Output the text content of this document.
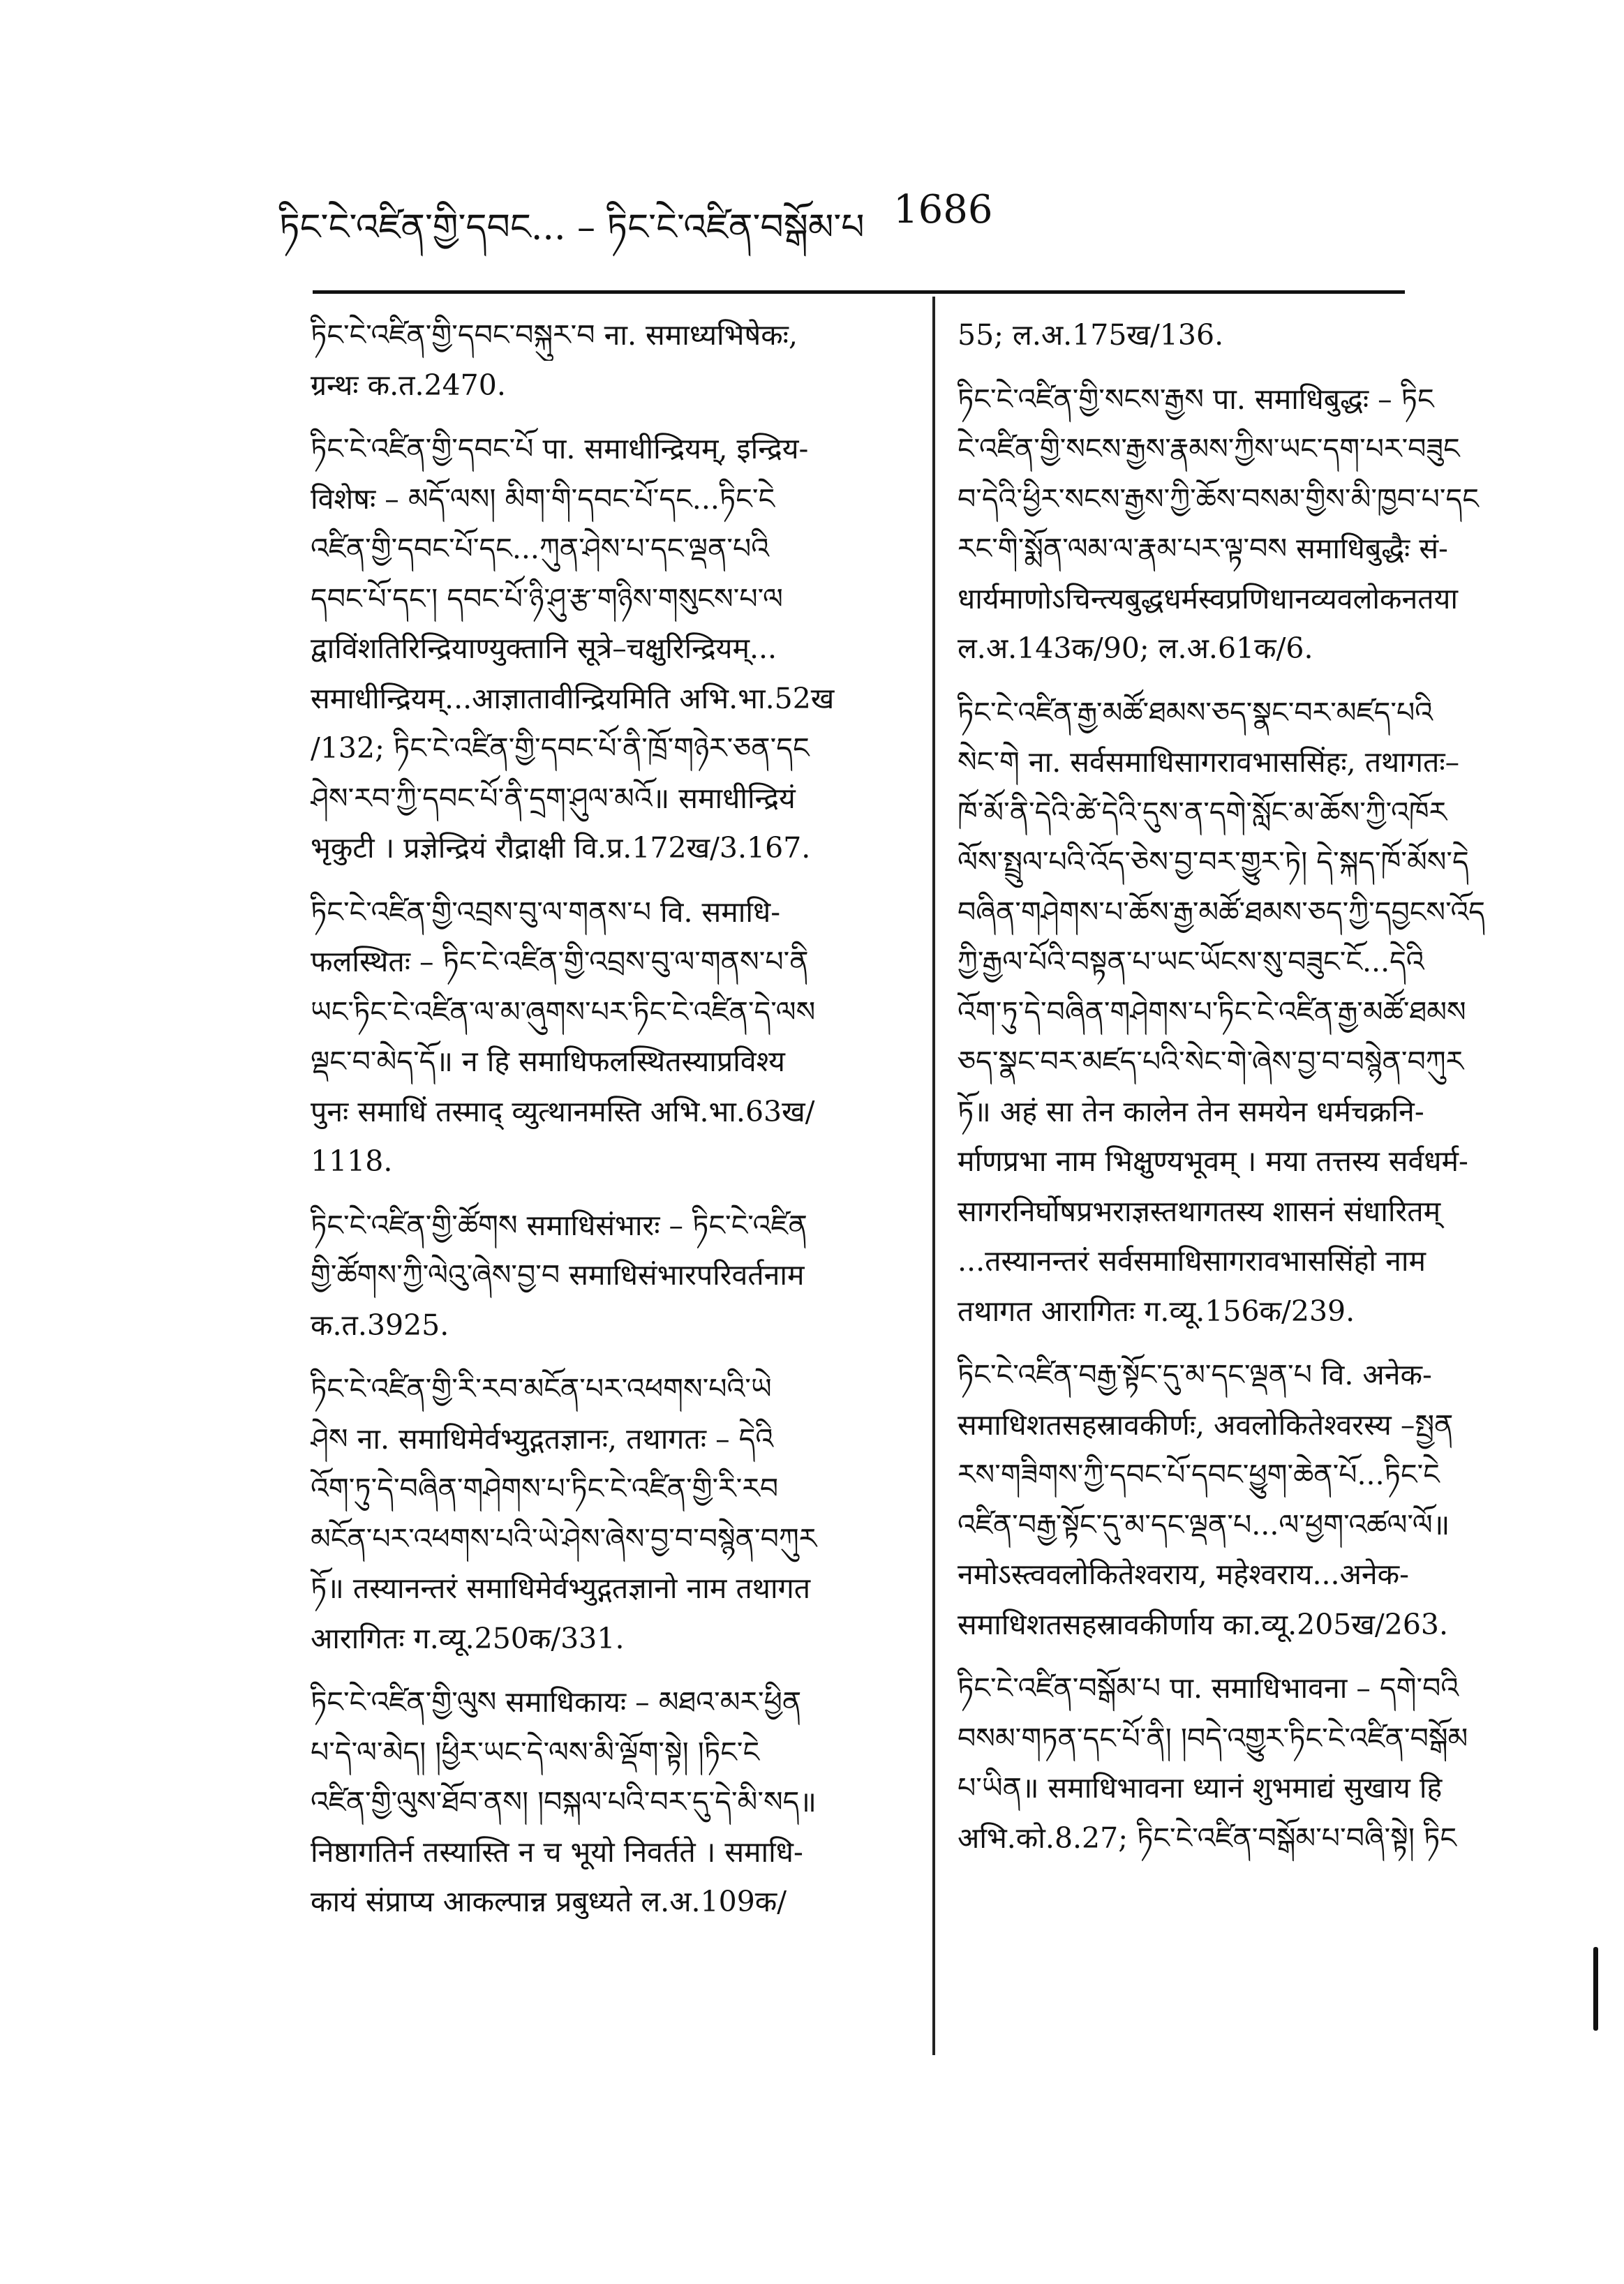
ཏིང་ངེ་འཛིན་གྱི་དབང... – ཏིང་ངེ་འཛིན་བསྒོམ་པ 1686
ཏིང་ངེ་འཛིན་གྱི་དབང་བསྐུར་བ ना. समाध्यभिषेकः,
ग्रन्थः क.त.2470.
ཏིང་ངེ་འཛིན་གྱི་དབང་པོ पा. समाधीन्द्रियम्, इन्द्रिय-
विशेषः – མདོ་ལས། མིག་གི་དབང་པོ་དང...ཏིང་ངེ
འཛིན་གྱི་དབང་པོ་དང...ཀུན་ཤེས་པ་དང་ལྡན་པའི
དབང་པོ་དང་། དབང་པོ་ཉི་ཤུ་རྩ་གཉིས་གསུངས་པ་ལ
द्वाविंशतिरिन्द्रियाण्युक्तानि सूत्रे–चक्षुरिन्द्रियम्...
समाधीन्द्रियम्...आज्ञातावीन्द्रियमिति अभि.भा.52ख
/132; ཏིང་ངེ་འཛིན་གྱི་དབང་པོ་ནི་ཁྲོ་གཉེར་ཅན་དང
ཤེས་རབ་ཀྱི་དབང་པོ་ནི་དྲག་ཤུལ་མའོ॥ समाधीन्द्रियं
भृकुटी । प्रज्ञेन्द्रियं रौद्राक्षी वि.प्र.172ख/3.167.
ཏིང་ངེ་འཛིན་གྱི་འབྲས་བུ་ལ་གནས་པ वि. समाधि-
फलस्थितः – ཏིང་ངེ་འཛིན་གྱི་འབྲས་བུ་ལ་གནས་པ་ནི
ཡང་ཏིང་ངེ་འཛིན་ལ་མ་ཞུགས་པར་ཏིང་ངེ་འཛིན་དེ་ལས
ལྡང་བ་མེད་དོ॥ न हि समाधिफलस्थितस्याप्रविश्य
पुनः समाधिं तस्माद् व्युत्थानमस्ति अभि.भा.63ख/
1118.
ཏིང་ངེ་འཛིན་གྱི་ཚོགས समाधिसंभारः – ཏིང་ངེ་འཛིན
གྱི་ཚོགས་ཀྱི་ལེའུ་ཞེས་བྱ་བ समाधिसंभारपरिवर्तनाम
क.त.3925.
ཏིང་ངེ་འཛིན་གྱི་རི་རབ་མངོན་པར་འཕགས་པའི་ཡེ
ཤེས ना. समाधिमेर्वभ्युद्गतज्ञानः, तथागतः – དེའི
འོག་ཏུ་དེ་བཞིན་གཤེགས་པ་ཏིང་ངེ་འཛིན་གྱི་རི་རབ
མངོན་པར་འཕགས་པའི་ཡེ་ཤེས་ཞེས་བྱ་བ་བསྙེན་བཀུར
ཏོ॥ तस्यानन्तरं समाधिमेर्वभ्युद्गतज्ञानो नाम तथागत
आरागितः ग.व्यू.250क/331.
ཏིང་ངེ་འཛིན་གྱི་ལུས समाधिकायः – མཐའ་མར་ཕྱིན
པ་དེ་ལ་མེད། །ཕྱིར་ཡང་དེ་ལས་མི་ལྡོག་སྟེ། །ཏིང་ངེ
འཛིན་གྱི་ལུས་ཐོབ་ནས། །བསྐལ་པའི་བར་དུ་དེ་མི་སད॥
निष्ठागतिर्न तस्यास्ति न च भूयो निवर्तते । समाधि-
कायं संप्राप्य आकल्पान्न प्रबुध्यते ल.अ.109क/
55; ल.अ.175ख/136.
ཏིང་ངེ་འཛིན་གྱི་སངས་རྒྱས पा. समाधिबुद्धः – ཏིང
ངེ་འཛིན་གྱི་སངས་རྒྱས་རྣམས་ཀྱིས་ཡང་དག་པར་བཟུང
བ་དེའི་ཕྱིར་སངས་རྒྱས་ཀྱི་ཆོས་བསམ་གྱིས་མི་ཁྱབ་པ་དང
རང་གི་སྨོན་ལམ་ལ་རྣམ་པར་ལྟ་བས समाधिबुद्धैः सं-
धार्यमाणोऽचिन्त्यबुद्धधर्मस्वप्रणिधानव्यवलोकनतया
ल.अ.143क/90; ल.अ.61क/6.
ཏིང་ངེ་འཛིན་རྒྱ་མཚོ་ཐམས་ཅད་སྣང་བར་མཛད་པའི
སེང་གེ ना. सर्वसमाधिसागरावभाससिंहः, तथागतः–
ཁོ་མོ་ནི་དེའི་ཚེ་དེའི་དུས་ན་དགེ་སློང་མ་ཆོས་ཀྱི་འཁོར
ལོས་སྤྲུལ་པའི་འོད་ཅེས་བྱ་བར་གྱུར་ཏེ། དེ་སྐད་ཁོ་མོས་དེ
བཞིན་གཤེགས་པ་ཆོས་རྒྱ་མཚོ་ཐམས་ཅད་ཀྱི་དབྱངས་འོད
ཀྱི་རྒྱལ་པོའི་བསྟན་པ་ཡང་ཡོངས་སུ་བཟུང་ངོ...དེའི
འོག་ཏུ་དེ་བཞིན་གཤེགས་པ་ཏིང་ངེ་འཛིན་རྒྱ་མཚོ་ཐམས
ཅད་སྣང་བར་མཛད་པའི་སེང་གེ་ཞེས་བྱ་བ་བསྙེན་བཀུར
ཏོ॥ अहं सा तेन कालेन तेन समयेन धर्मचक्रनि-
र्माणप्रभा नाम भिक्षुण्यभूवम् । मया तत्तस्य सर्वधर्म-
सागरनिर्घोषप्रभराज्ञस्तथागतस्य शासनं संधारितम्
...तस्यानन्तरं सर्वसमाधिसागरावभाससिंहो नाम
तथागत आरागितः ग.व्यू.156क/239.
ཏིང་ངེ་འཛིན་བརྒྱ་སྟོང་དུ་མ་དང་ལྡན་པ वि. अनेक-
समाधिशतसहस्रावकीर्णः, अवलोकितेश्वरस्य –སྤྱན
རས་གཟིགས་ཀྱི་དབང་པོ་དབང་ཕྱུག་ཆེན་པོ...ཏིང་ངེ
འཛིན་བརྒྱ་སྟོང་དུ་མ་དང་ལྡན་པ...ལ་ཕྱག་འཚལ་ལོ॥
नमोऽस्त्ववलोकितेश्वराय, महेश्वराय...अनेक-
समाधिशतसहस्रावकीर्णाय का.व्यू.205ख/263.
ཏིང་ངེ་འཛིན་བསྒོམ་པ पा. समाधिभावना – དགེ་བའི
བསམ་གཏན་དང་པོ་ནི། །བདེ་འགྱུར་ཏིང་ངེ་འཛིན་བསྒོམ
པ་ཡིན॥ समाधिभावना ध्यानं शुभमाद्यं सुखाय हि
अभि.को.8.27; ཏིང་ངེ་འཛིན་བསྒོམ་པ་བཞི་སྟེ། ཏིང
